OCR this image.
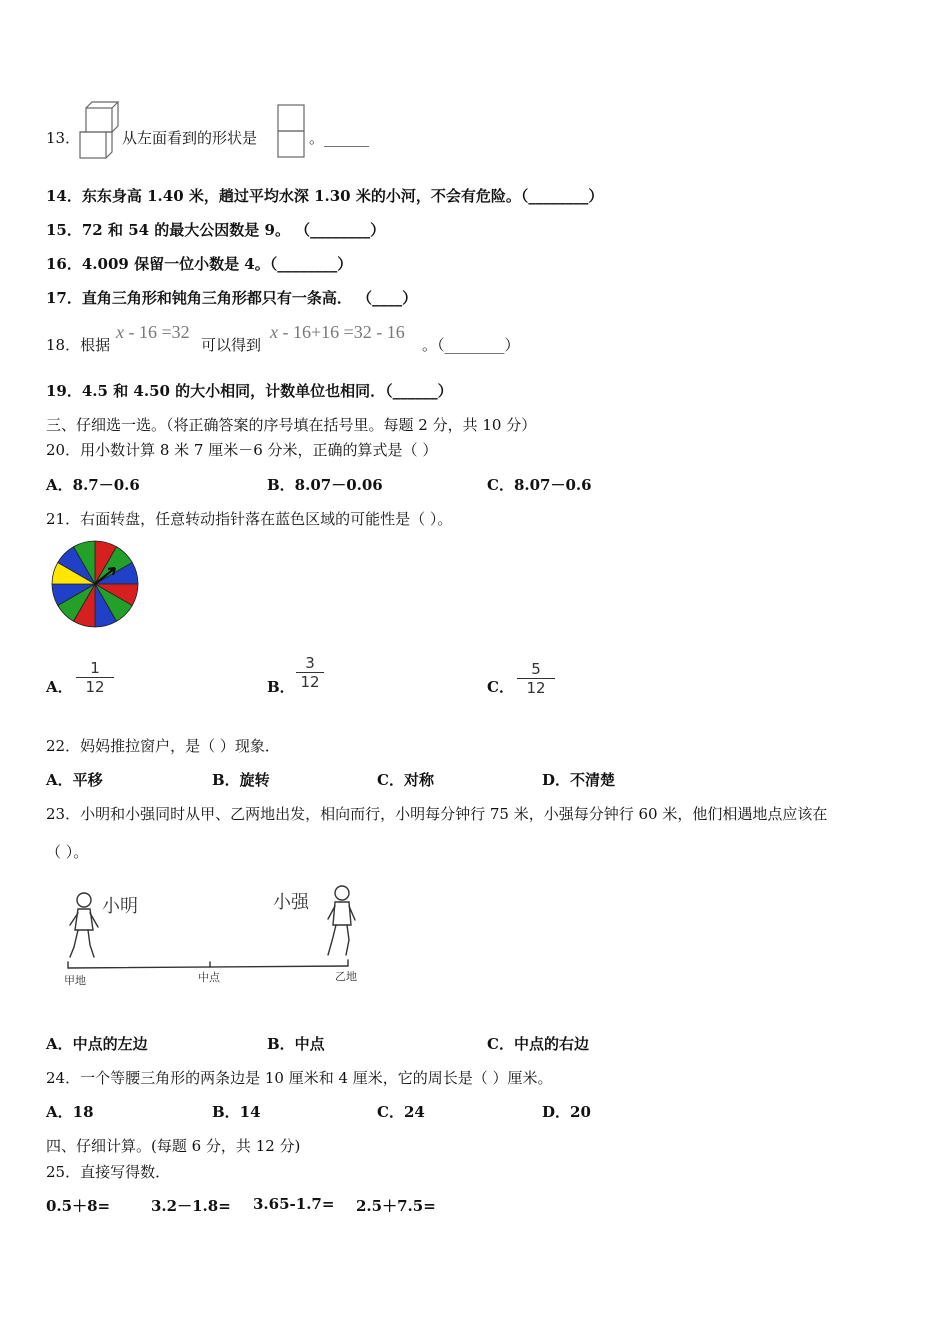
13．	从左面看到的形状是	。______
14．东东身高 1.40 米，趟过平均水深 1.30 米的小河，不会有危险。（________）
15．72 和 54 的最大公因数是 9。 （________）
16．4.009 保留一位小数是 4。（________）
17．直角三角形和钝角三角形都只有一条高． （____）
18．根据
x - 16 =32
可以得到
x - 16+16 =32 - 16
。（________）
19．4.5 和 4.50 的大小相同，计数单位也相同．（______）
三、仔细选一选。（将正确答案的序号填在括号里。每题 2 分，共 10 分）
20．用小数计算 8 米 7 厘米－6 分米，正确的算式是（ ）
A．8.7－0.6	B．8.07－0.06	C．8.07－0.6
21．右面转盘，任意转动指针落在蓝色区域的可能性是（ ）。
A．
1
12	B．
3
12	C．
5
12
22．妈妈推拉窗户，是（ ）现象．
A．平移	B．旋转	C．对称	D．不清楚
23．小明和小强同时从甲、乙两地出发，相向而行，小明每分钟行 75 米，小强每分钟行 60 米，他们相遇地点应该在
（ ）。
小明	小强
甲地	中点	乙地
A．中点的左边	B．中点	C．中点的右边
24．一个等腰三角形的两条边是 10 厘米和 4 厘米，它的周长是（ ）厘米。
A．18	B．14	C．24	D．20
四、仔细计算。(每题 6 分，共 12 分)
25．直接写得数．
0.5＋8=	3.2－1.8= 3.65-1.7= 2.5＋7.5=
